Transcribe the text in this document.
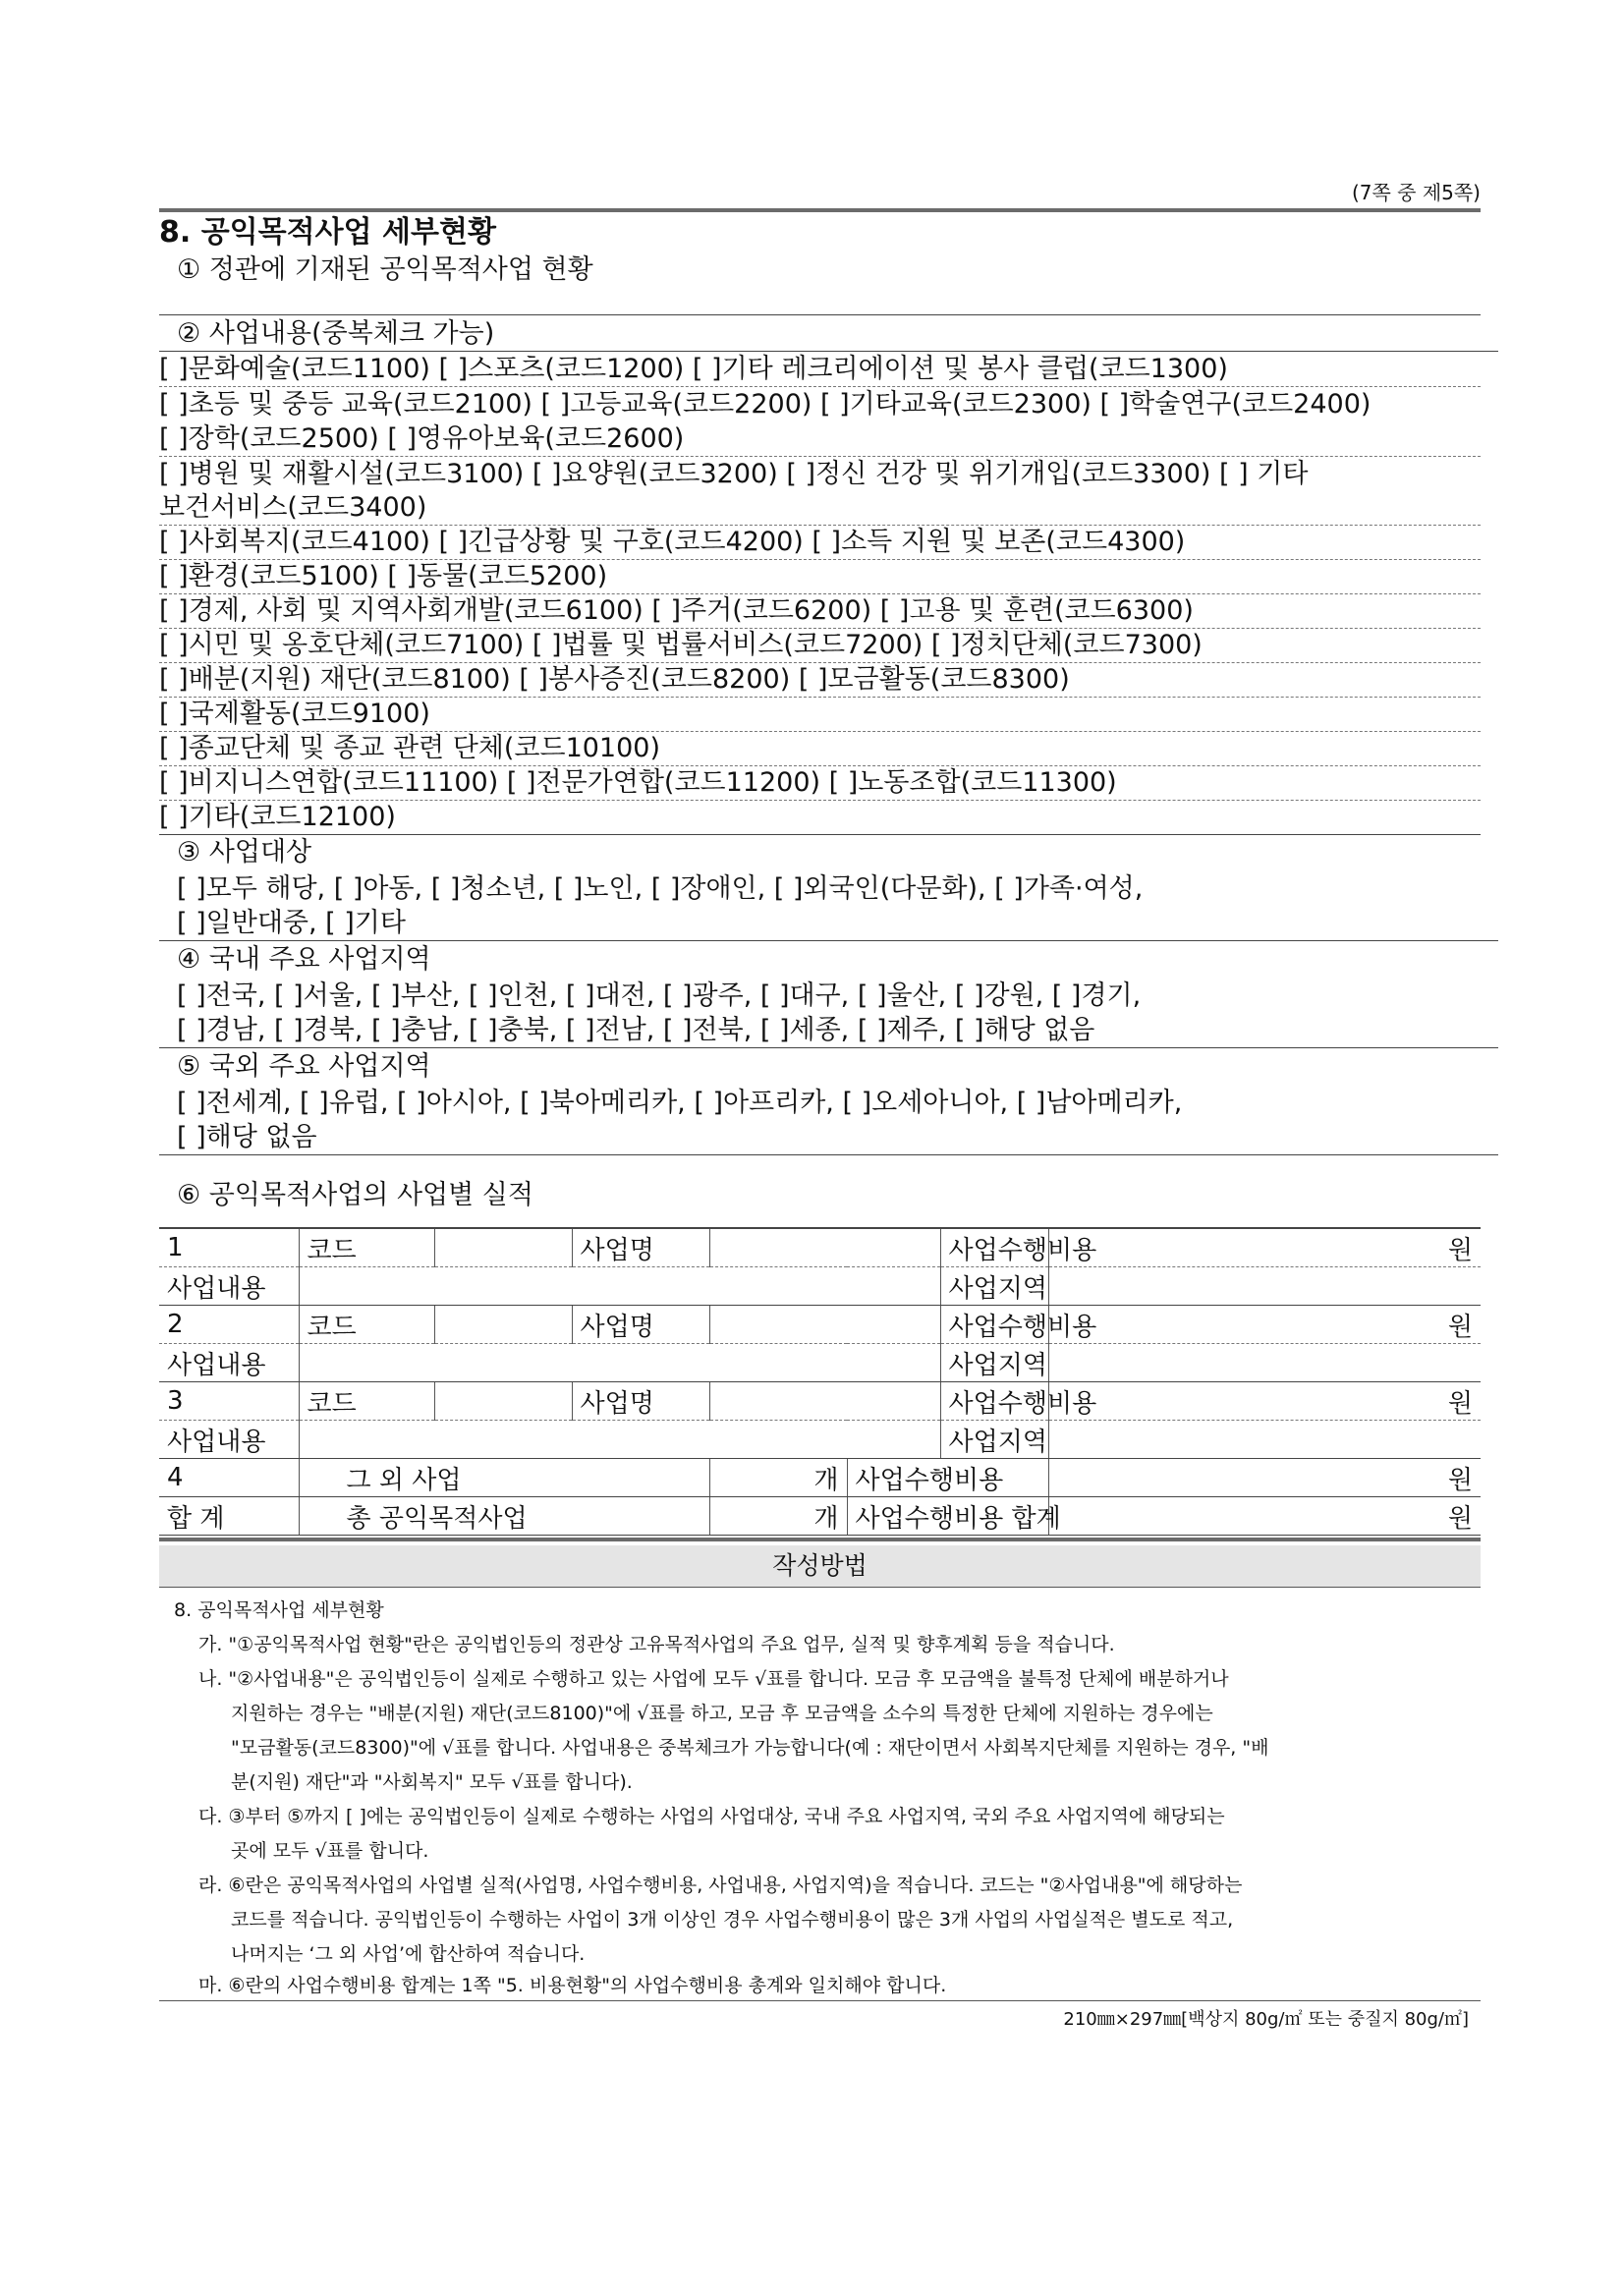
(7쪽 중 제5쪽)
8. 공익목적사업 세부현황
① 정관에 기재된 공익목적사업 현황
② 사업내용(중복체크 가능)
[ ]문화예술(코드1100) [ ]스포츠(코드1200) [ ]기타 레크리에이션 및 봉사 클럽(코드1300)
[ ]초등 및 중등 교육(코드2100) [ ]고등교육(코드2200) [ ]기타교육(코드2300) [ ]학술연구(코드2400)
[ ]장학(코드2500) [ ]영유아보육(코드2600)
[ ]병원 및 재활시설(코드3100) [ ]요양원(코드3200) [ ]정신 건강 및 위기개입(코드3300) [ ] 기타
보건서비스(코드3400)
[ ]사회복지(코드4100) [ ]긴급상황 및 구호(코드4200) [ ]소득 지원 및 보존(코드4300)
[ ]환경(코드5100) [ ]동물(코드5200)
[ ]경제, 사회 및 지역사회개발(코드6100) [ ]주거(코드6200) [ ]고용 및 훈련(코드6300)
[ ]시민 및 옹호단체(코드7100) [ ]법률 및 법률서비스(코드7200) [ ]정치단체(코드7300)
[ ]배분(지원) 재단(코드8100) [ ]봉사증진(코드8200) [ ]모금활동(코드8300)
[ ]국제활동(코드9100)
[ ]종교단체 및 종교 관련 단체(코드10100)
[ ]비지니스연합(코드11100) [ ]전문가연합(코드11200) [ ]노동조합(코드11300)
[ ]기타(코드12100)
③ 사업대상
[ ]모두 해당, [ ]아동, [ ]청소년, [ ]노인, [ ]장애인, [ ]외국인(다문화), [ ]가족·여성,
[ ]일반대중, [ ]기타
④ 국내 주요 사업지역
[ ]전국, [ ]서울, [ ]부산, [ ]인천, [ ]대전, [ ]광주, [ ]대구, [ ]울산, [ ]강원, [ ]경기,
[ ]경남, [ ]경북, [ ]충남, [ ]충북, [ ]전남, [ ]전북, [ ]세종, [ ]제주, [ ]해당 없음
⑤ 국외 주요 사업지역
[ ]전세계, [ ]유럽, [ ]아시아, [ ]북아메리카, [ ]아프리카, [ ]오세아니아, [ ]남아메리카,
[ ]해당 없음
⑥ 공익목적사업의 사업별 실적
1	코드		사업명			사업수행비용	원
사업내용						사업지역	
2	코드		사업명			사업수행비용	원
사업내용						사업지역	
3	코드		사업명			사업수행비용	원
사업내용						사업지역	
4	그 외 사업			개	사업수행비용		원
합 계	총 공익목적사업			개	사업수행비용 합계		원
작성방법
8. 공익목적사업 세부현황
가. "①공익목적사업 현황"란은 공익법인등의 정관상 고유목적사업의 주요 업무, 실적 및 향후계획 등을 적습니다.
나. "②사업내용"은 공익법인등이 실제로 수행하고 있는 사업에 모두 √표를 합니다. 모금 후 모금액을 불특정 단체에 배분하거나
지원하는 경우는 "배분(지원) 재단(코드8100)"에 √표를 하고, 모금 후 모금액을 소수의 특정한 단체에 지원하는 경우에는
"모금활동(코드8300)"에 √표를 합니다. 사업내용은 중복체크가 가능합니다(예 : 재단이면서 사회복지단체를 지원하는 경우, "배
분(지원) 재단"과 "사회복지" 모두 √표를 합니다).
다. ③부터 ⑤까지 [ ]에는 공익법인등이 실제로 수행하는 사업의 사업대상, 국내 주요 사업지역, 국외 주요 사업지역에 해당되는
곳에 모두 √표를 합니다.
라. ⑥란은 공익목적사업의 사업별 실적(사업명, 사업수행비용, 사업내용, 사업지역)을 적습니다. 코드는 "②사업내용"에 해당하는
코드를 적습니다. 공익법인등이 수행하는 사업이 3개 이상인 경우 사업수행비용이 많은 3개 사업의 사업실적은 별도로 적고,
나머지는 ‘그 외 사업’에 합산하여 적습니다.
마. ⑥란의 사업수행비용 합계는 1쪽 "5. 비용현황"의 사업수행비용 총계와 일치해야 합니다.
210㎜×297㎜[백상지 80g/㎡ 또는 중질지 80g/㎡]
